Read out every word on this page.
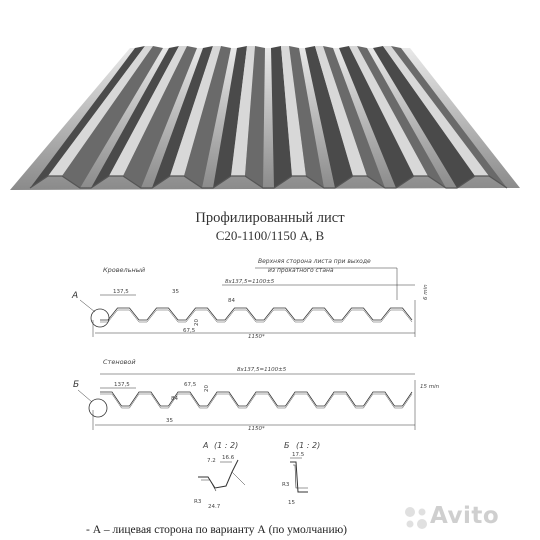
Профилированный лист
С20-1100/1150 А, В
Кровельный
А
Верхняя сторона листа при выходе
из прокатного стана
8x137,5=1100±5
137,5	35
67,5
84
20
1150*
6 min
Стеновой
Б
8x137,5=1100±5
137,5	67,5
84
20
35
1150*
15 min
А (1 : 2)
R3
7.2 16.6
24.7
Б (1 : 2)
17.5
R3
15
- А – лицевая сторона по варианту А (по умолчанию)
Avito
